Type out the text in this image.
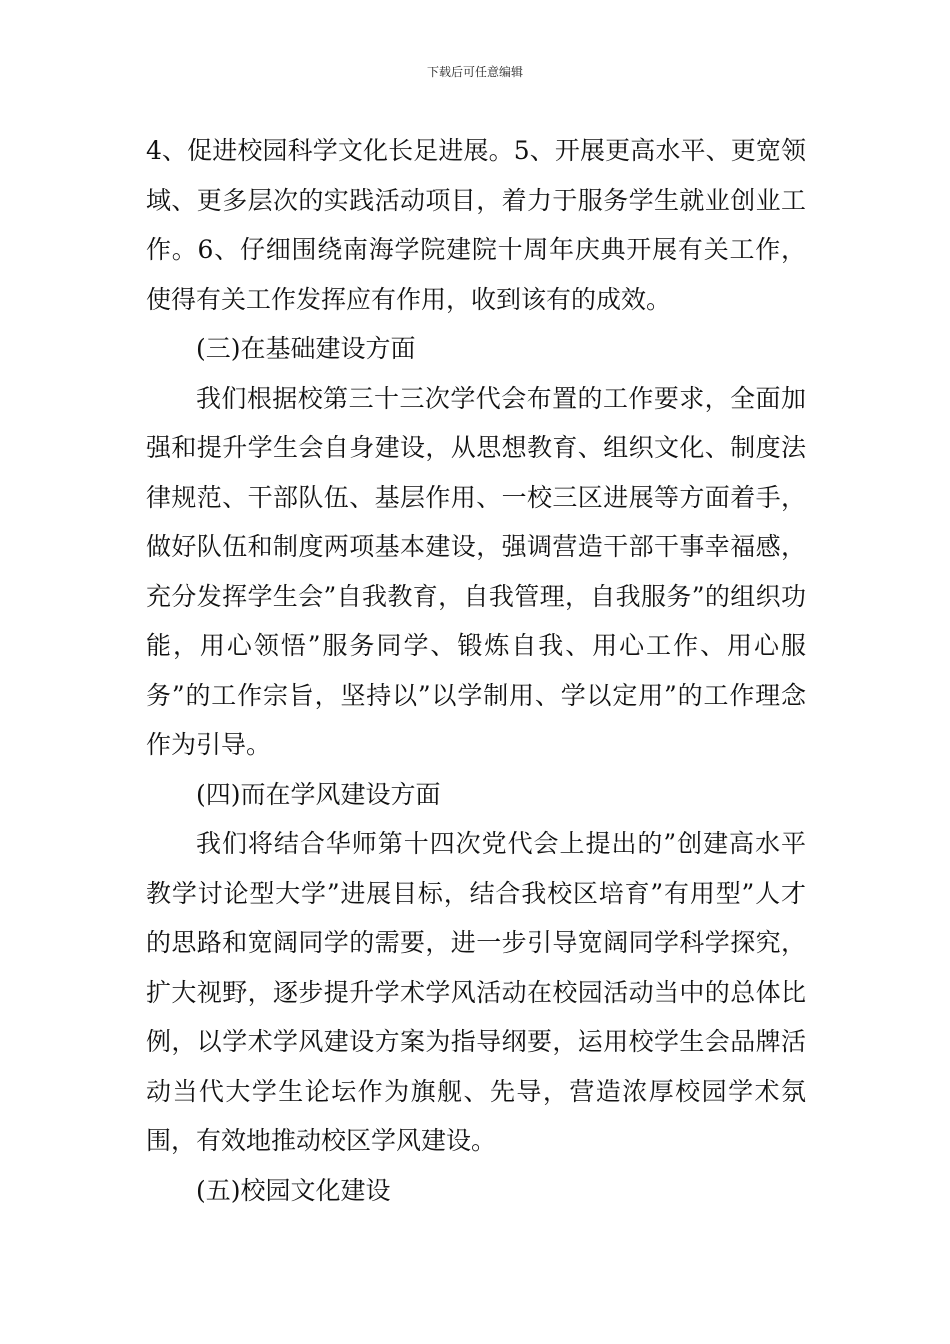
下载后可任意编辑

4、促进校园科学文化长足进展。5、开展更高水平、更宽领域、更多层次的实践活动项目，着力于服务学生就业创业工作。6、仔细围绕南海学院建院十周年庆典开展有关工作，使得有关工作发挥应有作用，收到该有的成效。

(三)在基础建设方面

我们根据校第三十三次学代会布置的工作要求，全面加强和提升学生会自身建设，从思想教育、组织文化、制度法律规范、干部队伍、基层作用、一校三区进展等方面着手，做好队伍和制度两项基本建设，强调营造干部干事幸福感，充分发挥学生会”自我教育，自我管理，自我服务”的组织功能，用心领悟”服务同学、锻炼自我、用心工作、用心服务”的工作宗旨，坚持以”以学制用、学以定用”的工作理念作为引导。

(四)而在学风建设方面

我们将结合华师第十四次党代会上提出的”创建高水平教学讨论型大学”进展目标，结合我校区培育”有用型”人才的思路和宽阔同学的需要，进一步引导宽阔同学科学探究，扩大视野，逐步提升学术学风活动在校园活动当中的总体比例，以学术学风建设方案为指导纲要，运用校学生会品牌活动当代大学生论坛作为旗舰、先导，营造浓厚校园学术氛围，有效地推动校区学风建设。

(五)校园文化建设
